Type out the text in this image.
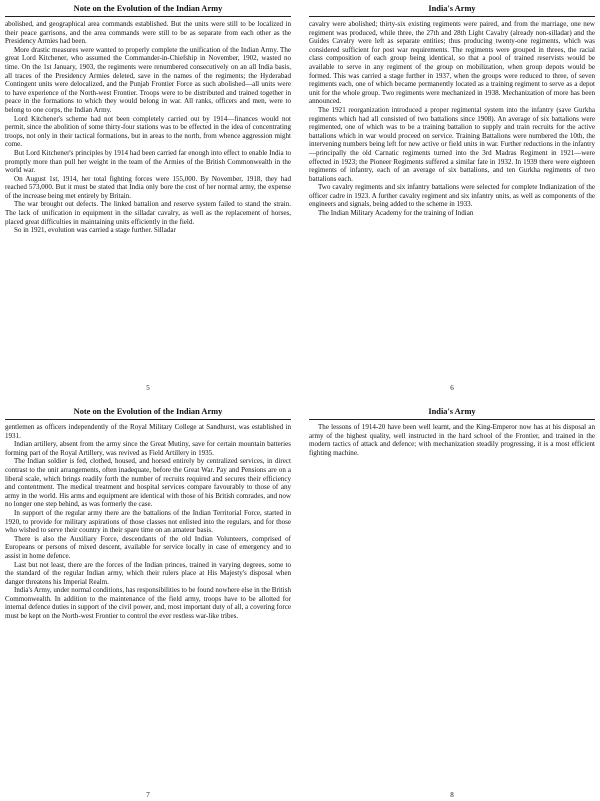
Note on the Evolution of the Indian Army

abolished, and geographical area commands established. But the units were still to be localized in their peace garrisons, and the area commands were still to be as separate from each other as the Presidency Armies had been.

More drastic measures were wanted to properly complete the unification of the Indian Army. The great Lord Kitchener, who assumed the Commander-in-Chiefship in November, 1902, wasted no time. On the 1st January, 1903, the regiments were renumbered consecutively on an all India basis, all traces of the Presidency Armies deleted, save in the names of the regiments; the Hyderabad Contingent units were delocalized, and the Punjab Frontier Force as such abolished—all units were to have experience of the North-west Frontier. Troops were to be distributed and trained together in peace in the formations to which they would belong in war. All ranks, officers and men, were to belong to one corps, the Indian Army.

Lord Kitchener's scheme had not been completely carried out by 1914—finances would not permit, since the abolition of some thirty-four stations was to be effected in the idea of concentrating troops, not only in their tactical formations, but in areas to the north, from whence aggression might come.

But Lord Kitchener's principles by 1914 had been carried far enough into effect to enable India to promptly more than pull her weight in the team of the Armies of the British Commonwealth in the world war.

On August 1st, 1914, her total fighting forces were 155,000. By November, 1918, they had reached 573,000. But it must be stated that India only bore the cost of her normal army, the expense of the increase being met entirely by Britain.

The war brought out defects. The linked battalion and reserve system failed to stand the strain. The lack of unification in equipment in the silladar cavalry, as well as the replacement of horses, placed great difficulties in maintaining units efficiently in the field.

So in 1921, evolution was carried a stage further. Silladar

5
India's Army

cavalry were abolished; thirty-six existing regiments were paired, and from the marriage, one new regiment was produced, while three, the 27th and 28th Light Cavalry (already non-silladar) and the Guides Cavalry were left as separate entities; thus producing twenty-one regiments, which was considered sufficient for post war requirements. The regiments were grouped in threes, the racial class composition of each group being identical, so that a pool of trained reservists would be available to serve in any regiment of the group on mobilization, when group depots would be formed. This was carried a stage further in 1937, when the groups were reduced to three, of seven regiments each, one of which became permanently located as a training regiment to serve as a depot unit for the whole group. Two regiments were mechanized in 1938. Mechanization of more has been announced.

The 1921 reorganization introduced a proper regimental system into the infantry (save Gurkha regiments which had all consisted of two battalions since 1908). An average of six battalions were regimented, one of which was to be a training battalion to supply and train recruits for the active battalions which in war would proceed on service. Training Battalions were numbered the 10th, the intervening numbers being left for new active or field units in war. Further reductions in the infantry—principally the old Carnatic regiments turned into the 3rd Madras Regiment in 1921—were effected in 1923; the Pioneer Regiments suffered a similar fate in 1932. In 1939 there were eighteen regiments of infantry, each of an average of six battalions, and ten Gurkha regiments of two battalions each.

Two cavalry regiments and six infantry battalions were selected for complete Indianization of the officer cadre in 1923. A further cavalry regiment and six infantry units, as well as components of the engineers and signals, being added to the scheme in 1933.

The Indian Military Academy for the training of Indian

6
Note on the Evolution of the Indian Army

gentlemen as officers independently of the Royal Military College at Sandhurst, was established in 1931.

Indian artillery, absent from the army since the Great Mutiny, save for certain mountain batteries forming part of the Royal Artillery, was revived as Field Artillery in 1935.

The Indian soldier is fed, clothed, housed, and horsed entirely by centralized services, in direct contrast to the unit arrangements, often inadequate, before the Great War. Pay and Pensions are on a liberal scale, which brings readily forth the number of recruits required and secures their efficiency and contentment. The medical treatment and hospital services compare favourably to those of any army in the world. His arms and equipment are identical with those of his British comrades, and now no longer one step behind, as was formerly the case.

In support of the regular army there are the battalions of the Indian Territorial Force, started in 1920, to provide for military aspirations of those classes not enlisted into the regulars, and for those who wished to serve their country in their spare time on an amateur basis.

There is also the Auxiliary Force, descendants of the old Indian Volunteers, comprised of Europeans or persons of mixed descent, available for service locally in case of emergency and to assist in home defence.

Last but not least, there are the forces of the Indian princes, trained in varying degrees, some to the standard of the regular Indian army, which their rulers place at His Majesty's disposal when danger threatens his Imperial Realm.

India's Army, under normal conditions, has responsibilities to be found nowhere else in the British Commonwealth. In addition to the maintenance of the field army, troops have to be allotted for internal defence duties in support of the civil power, and, most important duty of all, a covering force must be kept on the North-west Frontier to control the ever restless war-like tribes.

7
India's Army

The lessons of 1914-20 have been well learnt, and the King-Emperor now has at his disposal an army of the highest quality, well instructed in the hard school of the Frontier, and trained in the modern tactics of attack and defence; with mechanization steadily progressing, it is a most efficient fighting machine.

8
